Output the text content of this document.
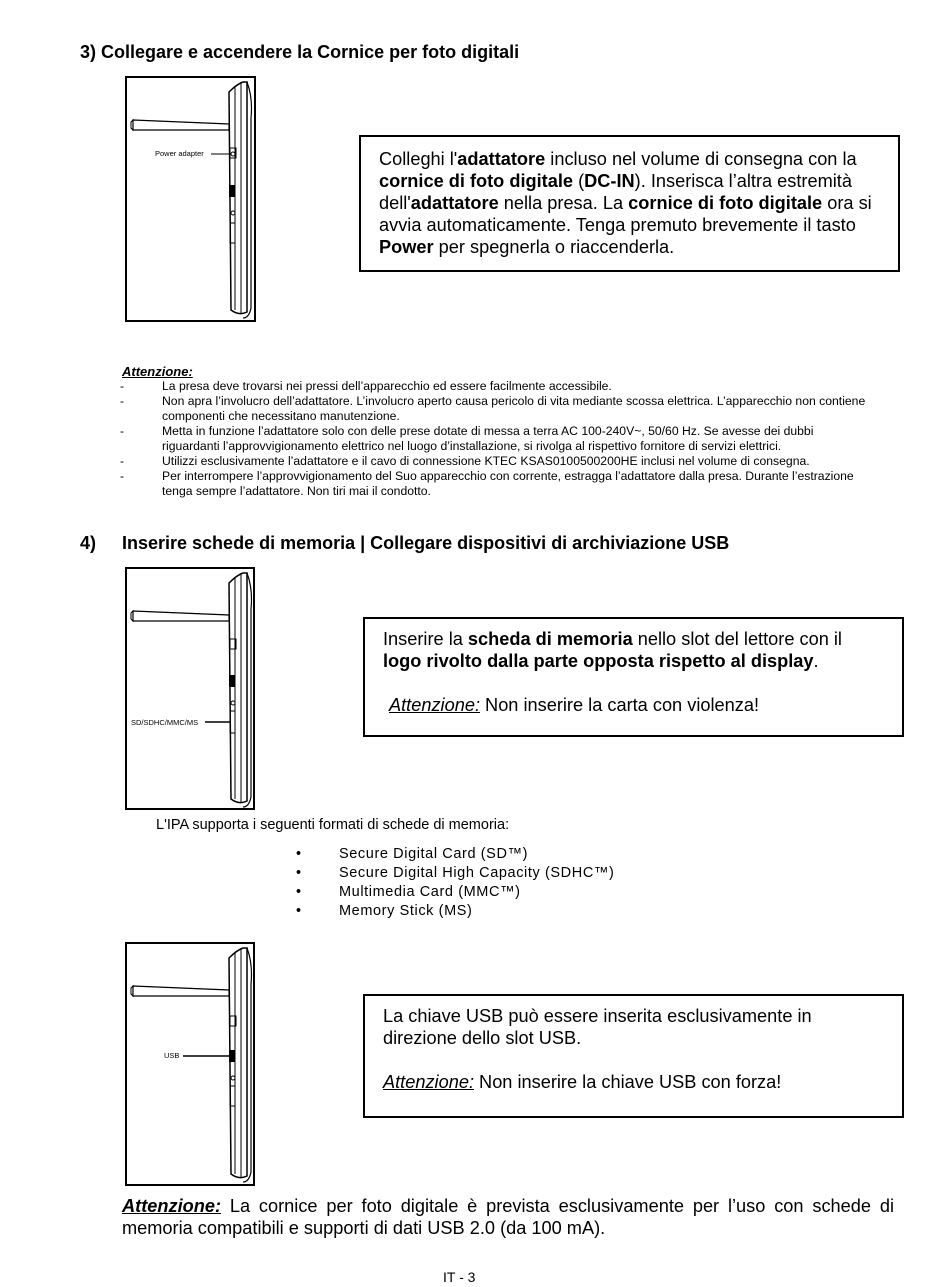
3) Collegare e accendere la Cornice per foto digitali
Power adapter	Colleghi l'adattatore incluso nel volume di consegna con la cornice di foto digitale (DC-IN). Inserisca l’altra estremità dell'adattatore nella presa. La cornice di foto digitale ora si avvia automaticamente. Tenga premuto brevemente il tasto Power per spegnerla o riaccenderla.

Attenzione:
-	La presa deve trovarsi nei pressi dell’apparecchio ed essere facilmente accessibile.
-	Non apra l’involucro dell’adattatore. L’involucro aperto causa pericolo di vita mediante scossa elettrica. L’apparecchio non contiene componenti che necessitano manutenzione.
-	Metta in funzione l’adattatore solo con delle prese dotate di messa a terra AC 100-240V~, 50/60 Hz. Se avesse dei dubbi riguardanti l’approvvigionamento elettrico nel luogo d’installazione, si rivolga al rispettivo fornitore di servizi elettrici.
-	Utilizzi esclusivamente l’adattatore e il cavo di connessione KTEC KSAS0100500200HE inclusi nel volume di consegna.
-	Per interrompere l’approvvigionamento del Suo apparecchio con corrente, estragga l’adattatore dalla presa. Durante l’estrazione tenga sempre l’adattatore. Non tiri mai il condotto.
4) Inserire schede di memoria | Collegare dispositivi di archiviazione USB
SD/SDHC/MMC/MS

Inserire la scheda di memoria nello slot del lettore con il logo rivolto dalla parte opposta rispetto al display.

Attenzione: Non inserire la carta con violenza!

L'IPA supporta i seguenti formati di schede di memoria:
•	Secure Digital Card (SD™)
•	Secure Digital High Capacity (SDHC™)
•	Multimedia Card (MMC™)
•	Memory Stick (MS)
USB

La chiave USB può essere inserita esclusivamente in direzione dello slot USB.

Attenzione: Non inserire la chiave USB con forza!

Attenzione: La cornice per foto digitale è prevista esclusivamente per l’uso con schede di memoria compatibili e supporti di dati USB 2.0 (da 100 mA).
IT - 3
